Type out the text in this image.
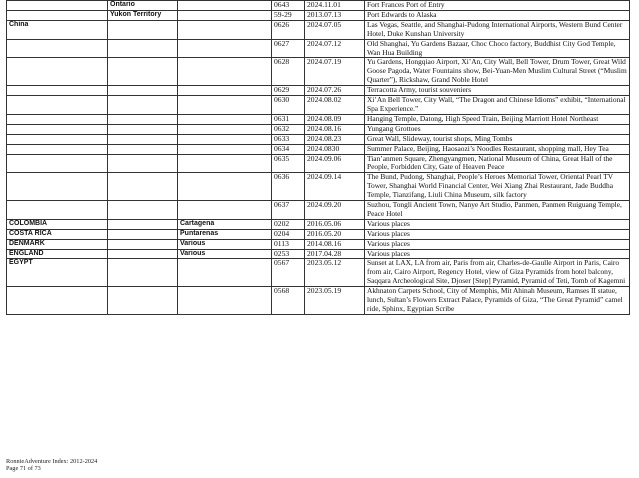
	Ontario		0643	2024.11.01	Fort Frances Port of Entry
	Yukon Territory		59-29	2013.07.13	Port Edwards to Alaska
China			0626	2024.07.05	Las Vegas, Seattle, and Shanghai-Pudong International Airports, Western Bund Center Hotel, Duke Kunshan University
			0627	2024.07.12	Old Shanghai, Yu Gardens Bazaar, Choc Choco factory, Buddhist City God Temple, Wan Hua Building
			0628	2024.07.19	Yu Gardens, Hongqiao Airport, Xi’An, City Wall, Bell Tower, Drum Tower, Great Wild Goose Pagoda, Water Fountains show, Bei-Yuan-Men Muslim Cultural Street (“Muslim Quarter”), Rickshaw, Grand Noble Hotel
			0629	2024.07.26	Terracotta Army, tourist souveniers
			0630	2024.08.02	Xi’An Bell Tower, City Wall, “The Dragon and Chinese Idioms” exhibit, “International Spa Experience.”
			0631	2024.08.09	Hanging Temple, Datong, High Speed Train, Beijing Marriott Hotel Northeast
			0632	2024.08.16	Yungang Grottoes
			0633	2024.08.23	Great Wall, Slideway, tourist shops, Ming Tombs
			0634	2024.0830	Summer Palace, Beijing, Haosaozi’s Noodles Restaurant, shopping mall, Hey Tea
			0635	2024.09.06	Tian’anmen Square, Zhengyangmen, National Museum of China, Great Hall of the People, Forbidden City, Gate of Heaven Peace
			0636	2024.09.14	The Bund, Pudong, Shanghai, People’s Heroes Memorial Tower, Oriental Pearl TV Tower, Shanghai World Financial Center, Wei Xiang Zhai Restaurant, Jade Buddha Temple, Tianzifang, Liuli China Museum, silk factory
			0637	2024.09.20	Suzhou, Tongli Ancient Town, Nanye Art Studio, Panmen, Panmen Ruiguang Temple, Peace Hotel
COLOMBIA		Cartagena	0202	2016.05.06	Various places
COSTA RICA		Puntarenas	0204	2016.05.20	Various places
DENMARK		Various	0113	2014.08.16	Various places
ENGLAND		Various	0253	2017.04.28	Various places
EGYPT			0567	2023.05.12	Sunset at LAX, LA from air, Paris from air, Charles-de-Gaulle Airport in Paris, Cairo from air, Cairo Airport, Regency Hotel, view of Giza Pyramids from hotel balcony, Saqqara Archeological Site, Djoser [Step] Pyramid, Pyramid of Teti, Tomb of Kagemni
			0568	2023.05.19	Akhnaton Carpets School, City of Memphis, Mit Ahinah Museum, Ramses II statue, lunch, Sultan’s Flowers Extract Palace, Pyramids of Giza, “The Great Pyramid” camel ride, Sphinx, Egyptian Scribe
RonnieAdventure Index: 2012-2024
Page 71 of 73
